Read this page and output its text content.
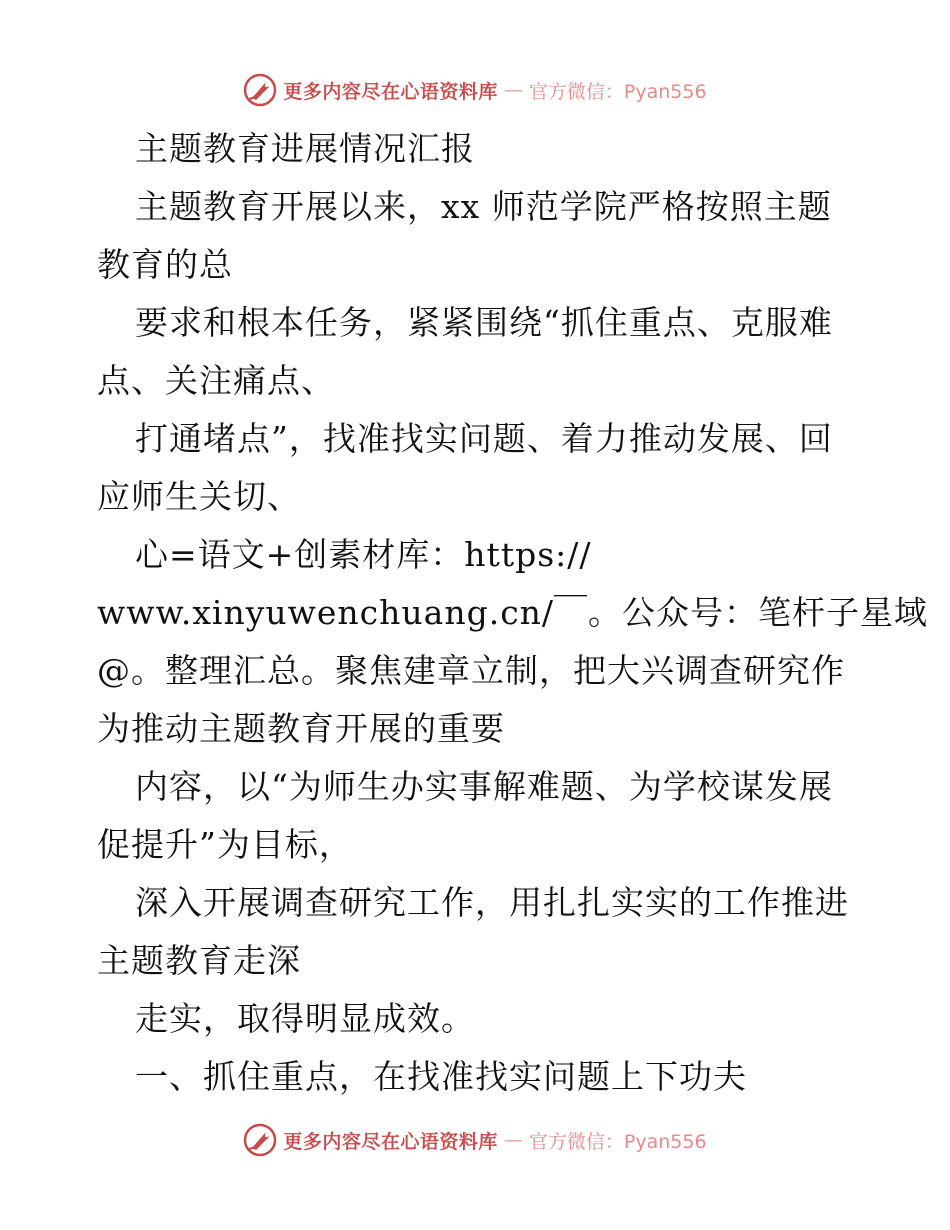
更多内容尽在心语资料库 — 官方微信：Pyan556
主题教育进展情况汇报
主题教育开展以来，xx 师范学院严格按照主题
教育的总
要求和根本任务，紧紧围绕“抓住重点、克服难
点、关注痛点、
打通堵点”，找准找实问题、着力推动发展、回
应师生关切、
心=语文+创素材库：https://
www.xinyuwenchuang.cn/￣。公众号：笔杆子星域
@。整理汇总。聚焦建章立制，把大兴调查研究作
为推动主题教育开展的重要
内容，以“为师生办实事解难题、为学校谋发展
促提升”为目标，
深入开展调查研究工作，用扎扎实实的工作推进
主题教育走深
走实，取得明显成效。
一、抓住重点，在找准找实问题上下功夫
更多内容尽在心语资料库 — 官方微信：Pyan556
